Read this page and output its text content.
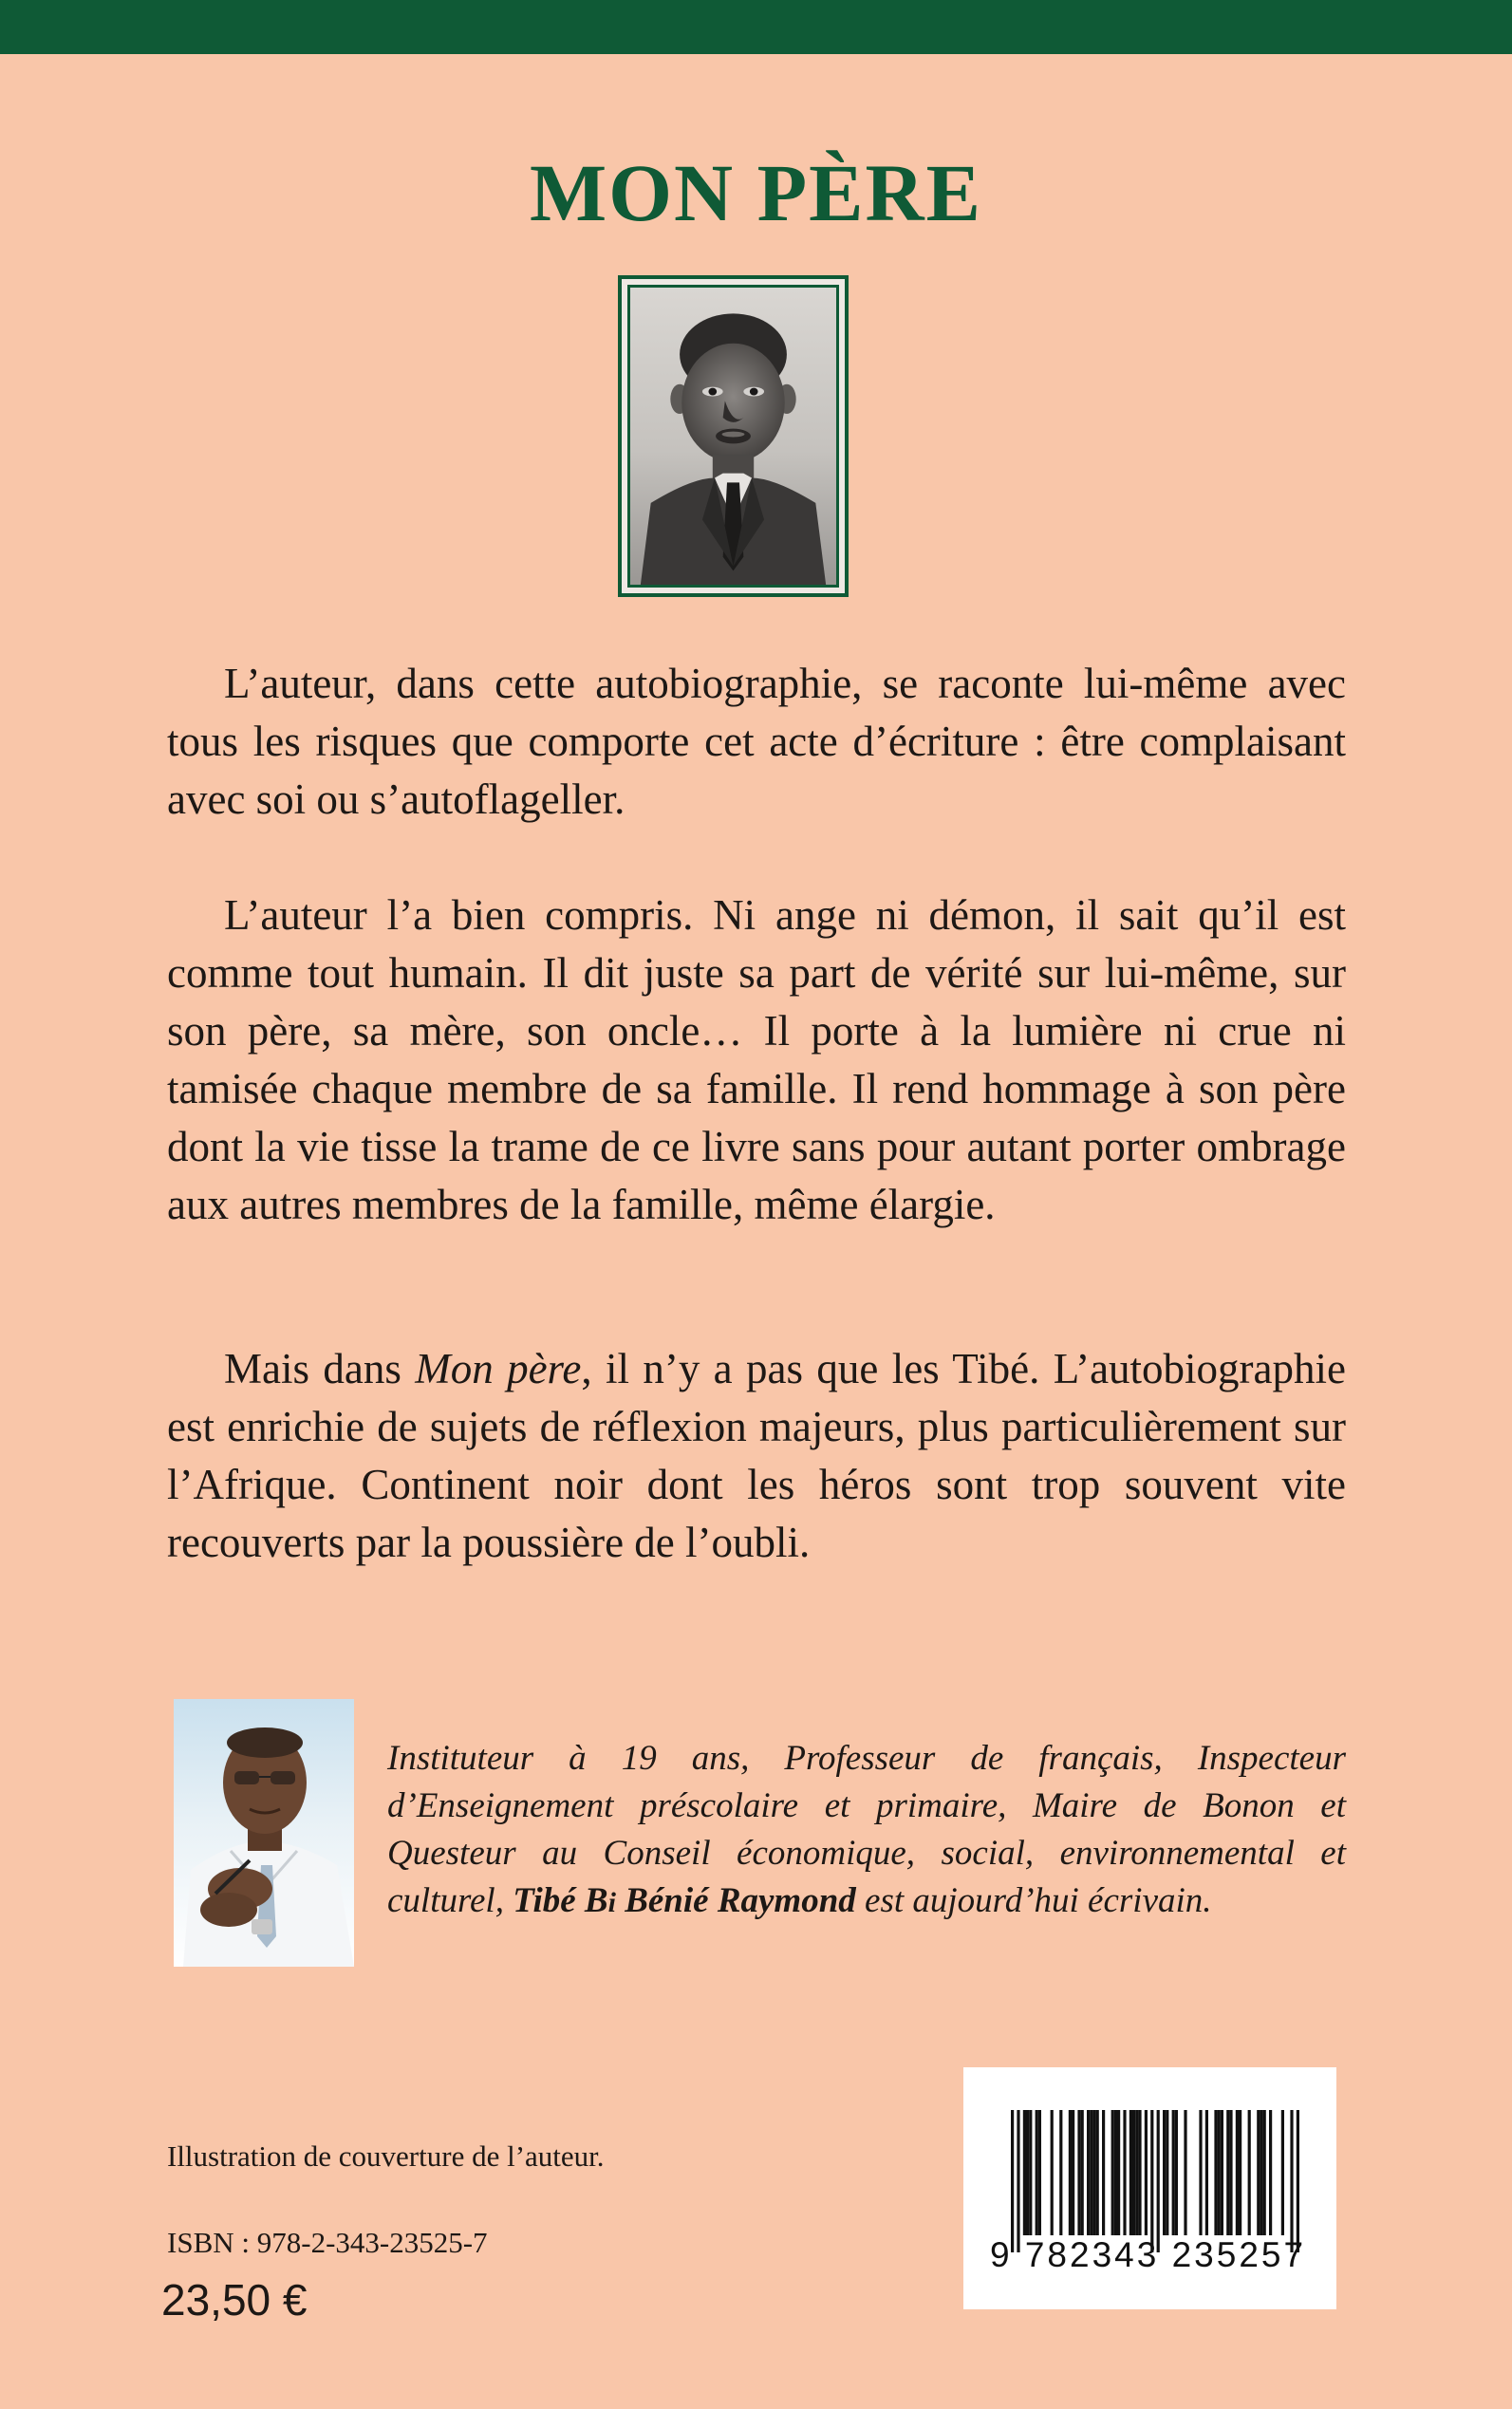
MON PÈRE

L’auteur, dans cette autobiographie, se raconte lui-même avec tous les risques que comporte cet acte d’écriture : être complaisant avec soi ou s’autoflageller.

L’auteur l’a bien compris. Ni ange ni démon, il sait qu’il est comme tout humain. Il dit juste sa part de vérité sur lui-même, sur son père, sa mère, son oncle… Il porte à la lumière ni crue ni tamisée chaque membre de sa famille. Il rend hommage à son père dont la vie tisse la trame de ce livre sans pour autant porter ombrage aux autres membres de la famille, même élargie.

Mais dans Mon père, il n’y a pas que les Tibé. L’autobiographie est enrichie de sujets de réflexion majeurs, plus particulièrement sur l’Afrique. Continent noir dont les héros sont trop souvent vite recouverts par la poussière de l’oubli.

Instituteur à 19 ans, Professeur de français, Inspecteur d’Enseignement préscolaire et primaire, Maire de Bonon et Questeur au Conseil économique, social, environnemental et culturel, Tibé Bi Bénié Raymond est aujourd’hui écrivain.

Illustration de couverture de l’auteur.
ISBN : 978-2-343-23525-7
23,50 €
9 782343 235257
